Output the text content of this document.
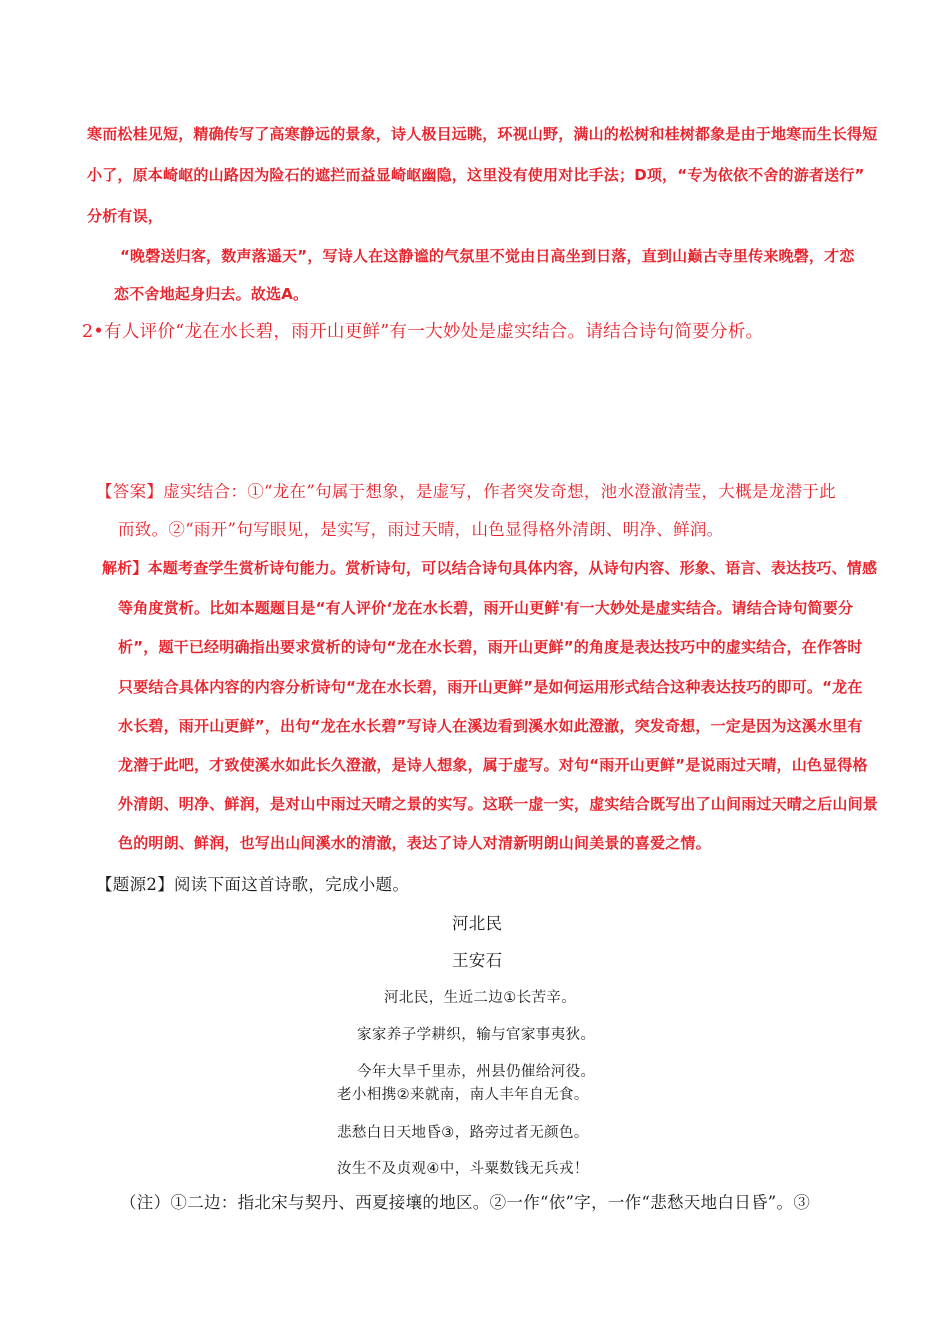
寒而松桂见短，精确传写了高寒静远的景象，诗人极目远眺，环视山野，满山的松树和桂树都象是由于地寒而生长得短

小了，原本崎岖的山路因为险石的遮拦而益显崎岖幽隐，这里没有使用对比手法；D项，“专为依依不舍的游者送行”

分析有误，

“晚磬送归客，数声落遥天”，写诗人在这静谧的气氛里不觉由日高坐到日落，直到山巅古寺里传来晚磬，才恋

恋不舍地起身归去。故选A。

2•有人评价“龙在水长碧，雨开山更鲜”有一大妙处是虚实结合。请结合诗句简要分析。

【答案】虚实结合：①“龙在”句属于想象，是虚写，作者突发奇想，池水澄澈清莹，大概是龙潜于此

而致。②“雨开”句写眼见，是实写，雨过天晴，山色显得格外清朗、明净、鲜润。

解析】本题考查学生赏析诗句能力。赏析诗句，可以结合诗句具体内容，从诗句内容、形象、语言、表达技巧、情感

等角度赏析。比如本题题目是“有人评价‘龙在水长碧，雨开山更鲜'有一大妙处是虚实结合。请结合诗句简要分

析”，题干已经明确指出要求赏析的诗句“龙在水长碧，雨开山更鲜”的角度是表达技巧中的虚实结合，在作答时

只要结合具体内容的内容分析诗句“龙在水长碧，雨开山更鲜”是如何运用形式结合这种表达技巧的即可。“龙在

水长碧，雨开山更鲜”，出句“龙在水长碧”写诗人在溪边看到溪水如此澄澈，突发奇想，一定是因为这溪水里有

龙潜于此吧，才致使溪水如此长久澄澈，是诗人想象，属于虚写。对句“雨开山更鲜”是说雨过天晴，山色显得格

外清朗、明净、鲜润，是对山中雨过天晴之景的实写。这联一虚一实，虚实结合既写出了山间雨过天晴之后山间景

色的明朗、鲜润，也写出山间溪水的清澈，表达了诗人对清新明朗山间美景的喜爱之情。

【题源2】阅读下面这首诗歌，完成小题。

河北民

王安石

河北民，生近二边①长苦辛。

家家养子学耕织，输与官家事夷狄。

今年大旱千里赤，州县仍催给河役。

老小相携②来就南，南人丰年自无食。

悲愁白日天地昏③，路旁过者无颜色。

汝生不及贞观④中，斗粟数钱无兵戎！

（注）①二边：指北宋与契丹、西夏接壤的地区。②一作“依”字，一作“悲愁天地白日昏”。③
